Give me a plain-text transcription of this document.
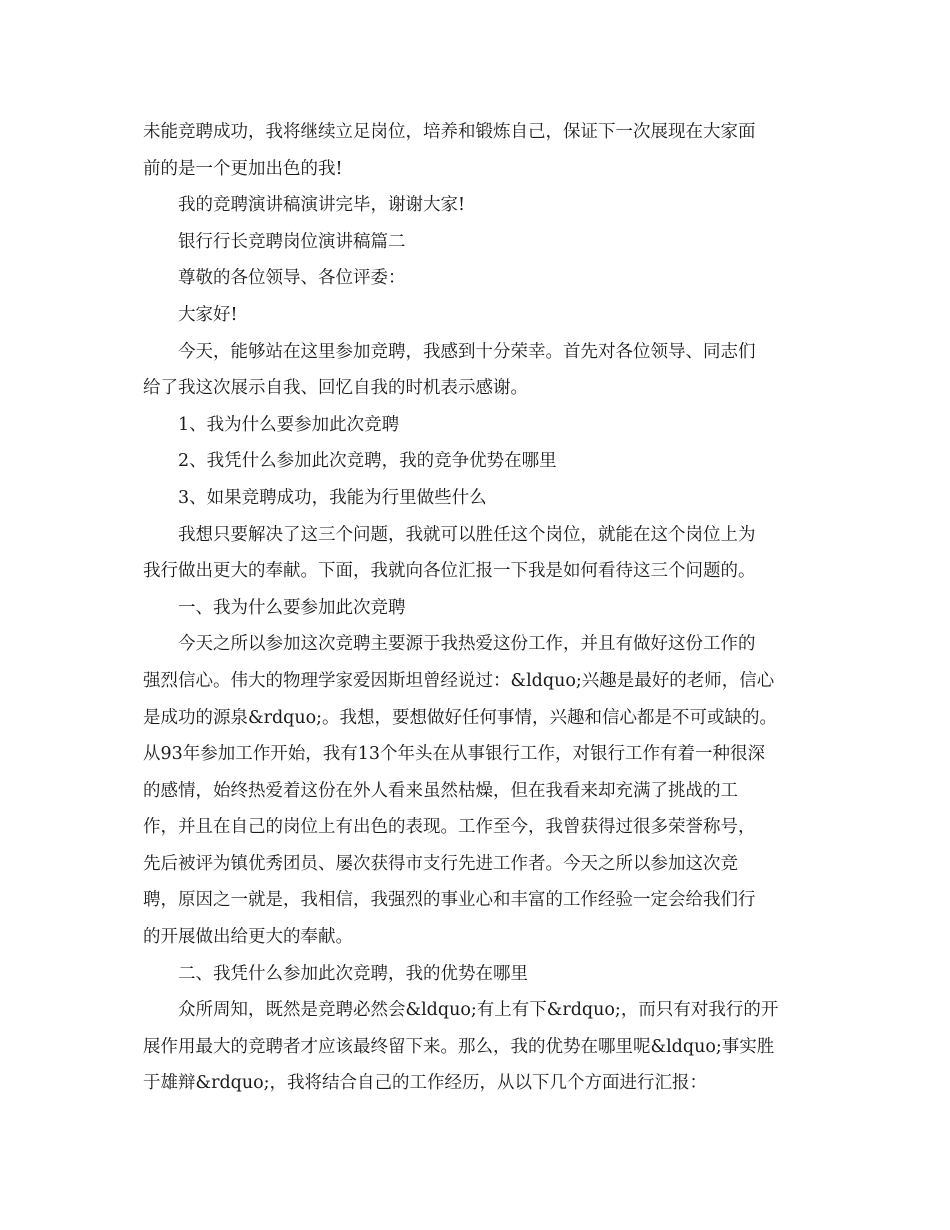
未能竞聘成功，我将继续立足岗位，培养和锻炼自己，保证下一次展现在大家面

前的是一个更加出色的我!

我的竞聘演讲稿演讲完毕，谢谢大家!

银行行长竞聘岗位演讲稿篇二

尊敬的各位领导、各位评委：

大家好!

今天，能够站在这里参加竞聘，我感到十分荣幸。首先对各位领导、同志们

给了我这次展示自我、回忆自我的时机表示感谢。

1、我为什么要参加此次竞聘

2、我凭什么参加此次竞聘，我的竞争优势在哪里

3、如果竞聘成功，我能为行里做些什么

我想只要解决了这三个问题，我就可以胜任这个岗位，就能在这个岗位上为

我行做出更大的奉献。下面，我就向各位汇报一下我是如何看待这三个问题的。

一、我为什么要参加此次竞聘

今天之所以参加这次竞聘主要源于我热爱这份工作，并且有做好这份工作的

强烈信心。伟大的物理学家爱因斯坦曾经说过：&ldquo;兴趣是最好的老师，信心

是成功的源泉&rdquo;。我想，要想做好任何事情，兴趣和信心都是不可或缺的。

从93年参加工作开始，我有13个年头在从事银行工作，对银行工作有着一种很深

的感情，始终热爱着这份在外人看来虽然枯燥，但在我看来却充满了挑战的工

作，并且在自己的岗位上有出色的表现。工作至今，我曾获得过很多荣誉称号，

先后被评为镇优秀团员、屡次获得市支行先进工作者。今天之所以参加这次竞

聘，原因之一就是，我相信，我强烈的事业心和丰富的工作经验一定会给我们行

的开展做出给更大的奉献。

二、我凭什么参加此次竞聘，我的优势在哪里

众所周知，既然是竞聘必然会&ldquo;有上有下&rdquo;，而只有对我行的开

展作用最大的竞聘者才应该最终留下来。那么，我的优势在哪里呢&ldquo;事实胜

于雄辩&rdquo;，我将结合自己的工作经历，从以下几个方面进行汇报：
